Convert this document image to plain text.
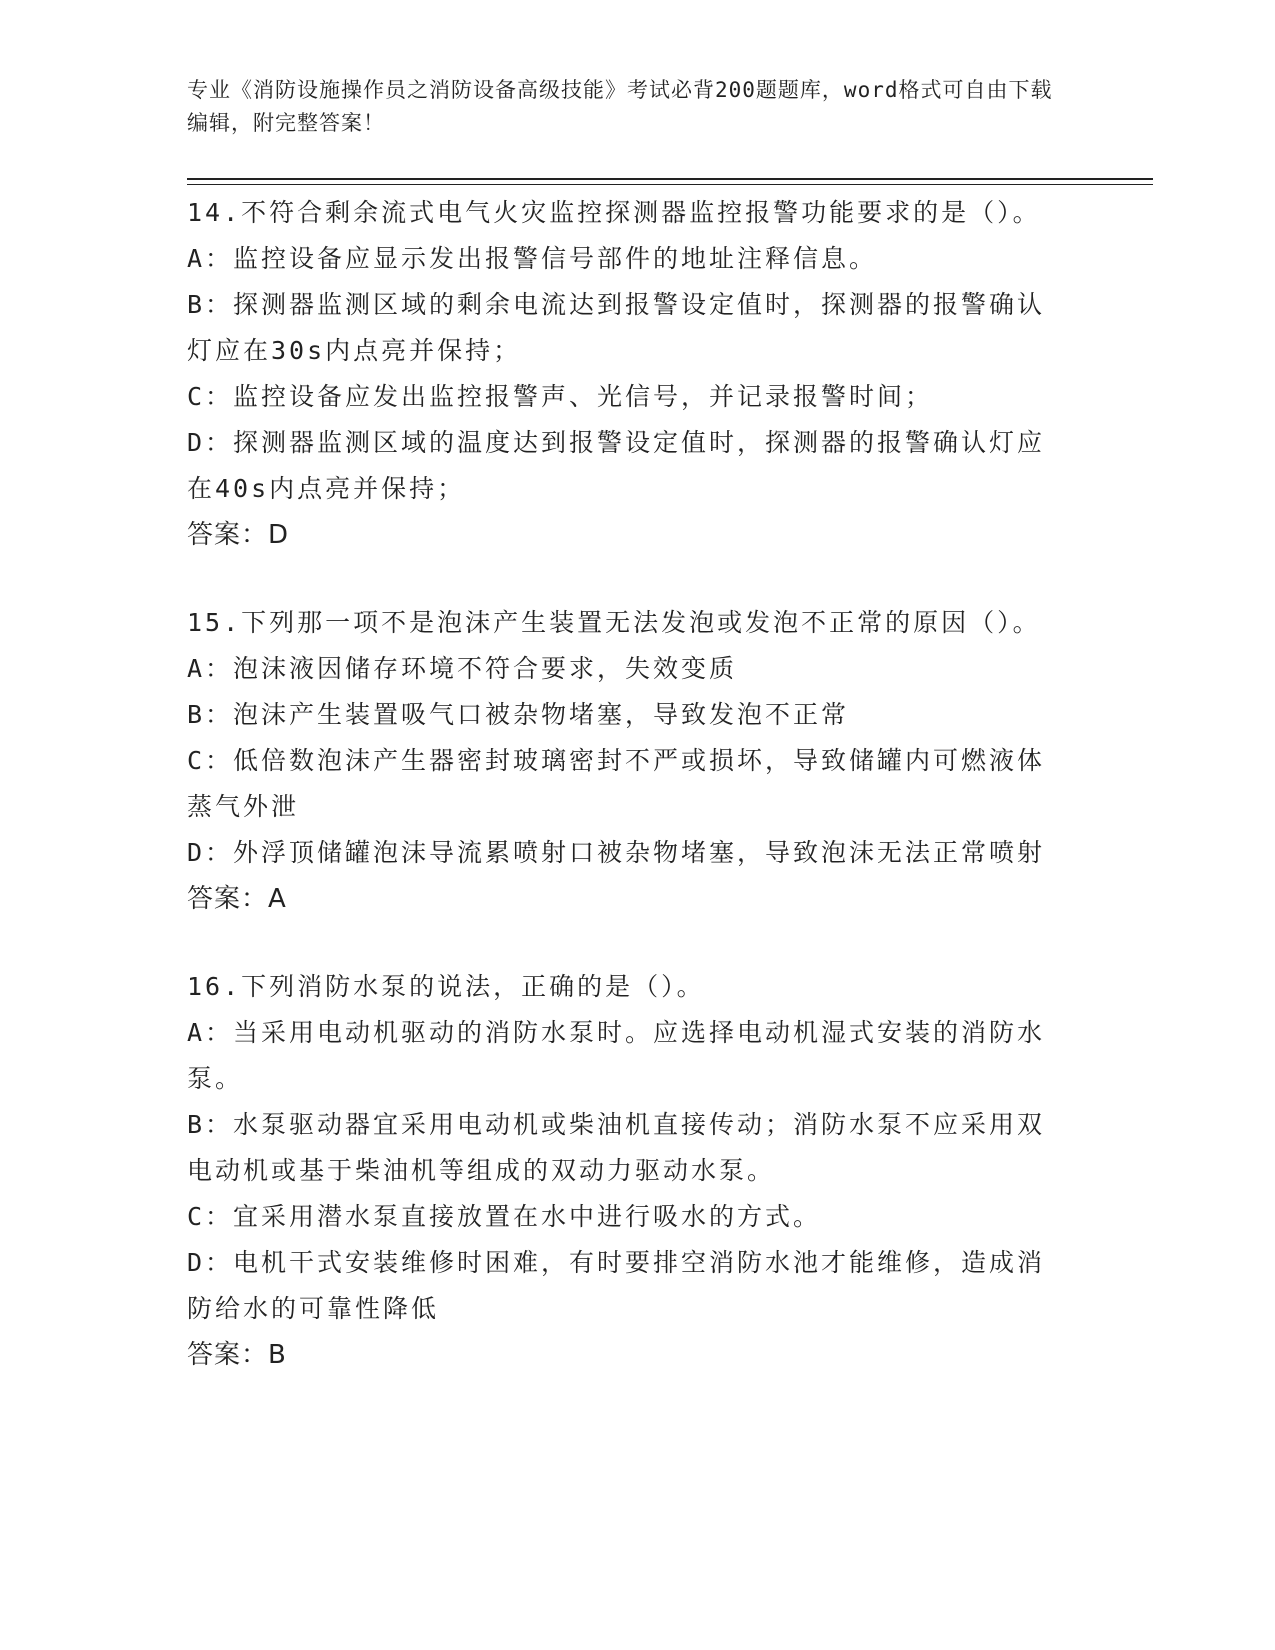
专业《消防设施操作员之消防设备高级技能》考试必背200题题库，word格式可自由下载编辑，附完整答案！

14.不符合剩余流式电气火灾监控探测器监控报警功能要求的是（）。

A：监控设备应显示发出报警信号部件的地址注释信息。

B：探测器监测区域的剩余电流达到报警设定值时，探测器的报警确认灯应在30s内点亮并保持；

C：监控设备应发出监控报警声、光信号，并记录报警时间；

D：探测器监测区域的温度达到报警设定值时，探测器的报警确认灯应在40s内点亮并保持；

答案：D

15.下列那一项不是泡沫产生装置无法发泡或发泡不正常的原因（）。

A：泡沫液因储存环境不符合要求，失效变质

B：泡沫产生装置吸气口被杂物堵塞，导致发泡不正常

C：低倍数泡沫产生器密封玻璃密封不严或损坏，导致储罐内可燃液体蒸气外泄

D：外浮顶储罐泡沫导流累喷射口被杂物堵塞，导致泡沫无法正常喷射

答案：A

16.下列消防水泵的说法，正确的是（）。

A：当采用电动机驱动的消防水泵时。应选择电动机湿式安装的消防水泵。

B：水泵驱动器宜采用电动机或柴油机直接传动；消防水泵不应采用双电动机或基于柴油机等组成的双动力驱动水泵。

C：宜采用潜水泵直接放置在水中进行吸水的方式。

D：电机干式安装维修时困难，有时要排空消防水池才能维修，造成消防给水的可靠性降低

答案：B
